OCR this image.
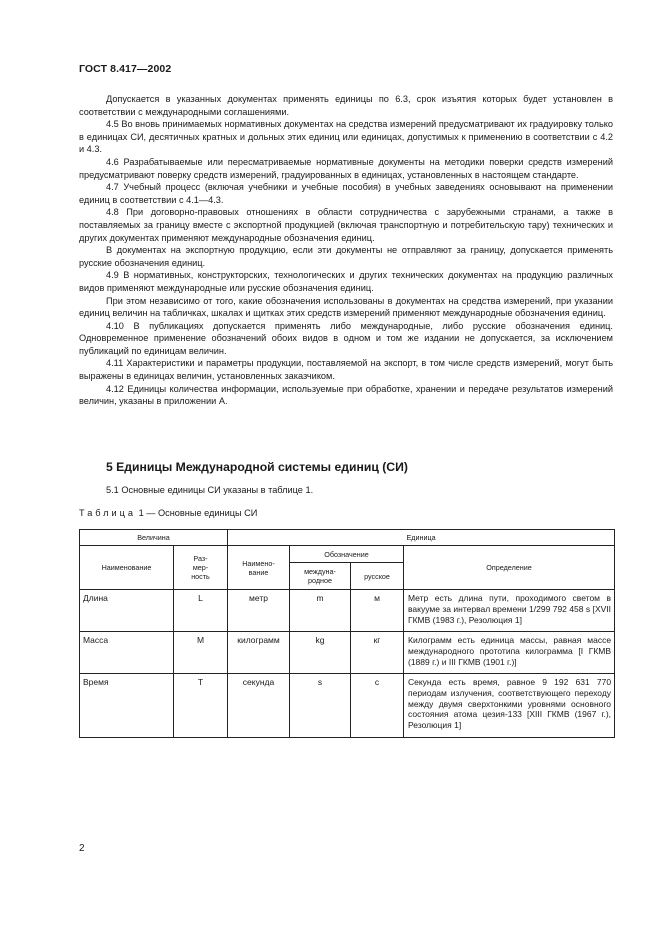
ГОСТ 8.417—2002

Допускается в указанных документах применять единицы по 6.3, срок изъятия которых будет установлен в соответствии с международными соглашениями.

4.5 Во вновь принимаемых нормативных документах на средства измерений предусматривают их градуировку только в единицах СИ, десятичных кратных и дольных этих единиц или единицах, допустимых к применению в соответствии с 4.2 и 4.3.

4.6 Разрабатываемые или пересматриваемые нормативные документы на методики поверки средств измерений предусматривают поверку средств измерений, градуированных в единицах, установленных в настоящем стандарте.

4.7 Учебный процесс (включая учебники и учебные пособия) в учебных заведениях основывают на применении единиц в соответствии с 4.1—4.3.

4.8 При договорно-правовых отношениях в области сотрудничества с зарубежными странами, а также в поставляемых за границу вместе с экспортной продукцией (включая транспортную и потребительскую тару) технических и других документах применяют международные обозначения единиц.

В документах на экспортную продукцию, если эти документы не отправляют за границу, допускается применять русские обозначения единиц.

4.9 В нормативных, конструкторских, технологических и других технических документах на продукцию различных видов применяют международные или русские обозначения единиц.

При этом независимо от того, какие обозначения использованы в документах на средства измерений, при указании единиц величин на табличках, шкалах и щитках этих средств измерений применяют международные обозначения единиц.

4.10 В публикациях допускается применять либо международные, либо русские обозначения единиц. Одновременное применение обозначений обоих видов в одном и том же издании не допускается, за исключением публикаций по единицам величин.

4.11 Характеристики и параметры продукции, поставляемой на экспорт, в том числе средств измерений, могут быть выражены в единицах величин, установленных заказчиком.

4.12 Единицы количества информации, используемые при обработке, хранении и передаче результатов измерений величин, указаны в приложении А.

5 Единицы Международной системы единиц (СИ)
5.1 Основные единицы СИ указаны в таблице 1.
Таблица 1 — Основные единицы СИ
Величина		Единица			
Наименование	Раз-мер-ность	Наимено-вание	Обозначение		Определение
			междуна-родное	русское	
Длина	L	метр	m	м	Метр есть длина пути, проходимого светом в вакууме за интервал времени 1/299 792 458 s [XVII ГКМВ (1983 г.), Резолюция 1]
Масса	M	килограмм	kg	кг	Килограмм есть единица массы, равная массе международного прототипа килограмма [I ГКМВ (1889 г.) и III ГКМВ (1901 г.)]
Время	T	секунда	s	с	Секунда есть время, равное 9 192 631 770 периодам излучения, соответствующего переходу между двумя сверхтонкими уровнями основного состояния атома цезия-133 [XIII ГКМВ (1967 г.), Резолюция 1]
2
